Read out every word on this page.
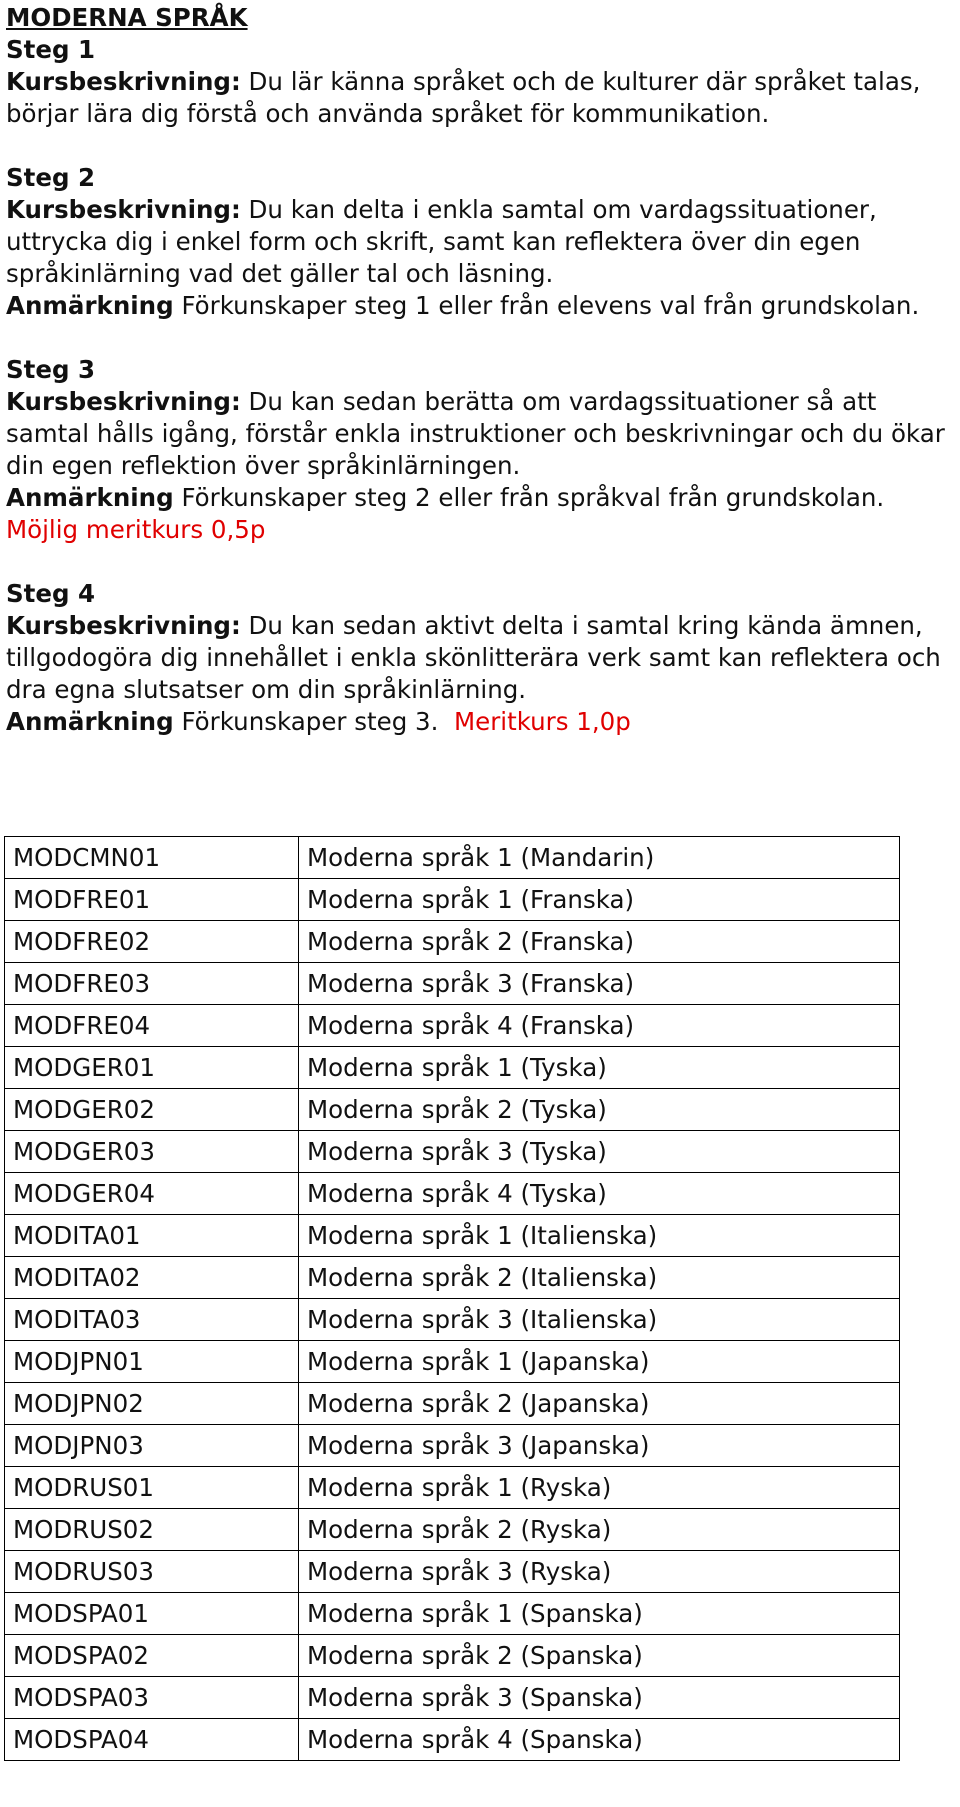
MODERNA SPRÅK

Steg 1

Kursbeskrivning: Du lär känna språket och de kulturer där språket talas, börjar lära dig förstå och använda språket för kommunikation.

Steg 2

Kursbeskrivning: Du kan delta i enkla samtal om vardagssituationer, uttrycka dig i enkel form och skrift, samt kan reflektera över din egen språkinlärning vad det gäller tal och läsning.

Anmärkning Förkunskaper steg 1 eller från elevens val från grundskolan.

Steg 3

Kursbeskrivning: Du kan sedan berätta om vardagssituationer så att samtal hålls igång, förstår enkla instruktioner och beskrivningar och du ökar din egen reflektion över språkinlärningen.

Anmärkning Förkunskaper steg 2 eller från språkval från grundskolan.

Möjlig meritkurs 0,5p

Steg 4

Kursbeskrivning: Du kan sedan aktivt delta i samtal kring kända ämnen, tillgodogöra dig innehållet i enkla skönlitterära verk samt kan reflektera och dra egna slutsatser om din språkinlärning.

Anmärkning Förkunskaper steg 3. Meritkurs 1,0p

MODCMN01	Moderna språk 1 (Mandarin)
MODFRE01	Moderna språk 1 (Franska)
MODFRE02	Moderna språk 2 (Franska)
MODFRE03	Moderna språk 3 (Franska)
MODFRE04	Moderna språk 4 (Franska)
MODGER01	Moderna språk 1 (Tyska)
MODGER02	Moderna språk 2 (Tyska)
MODGER03	Moderna språk 3 (Tyska)
MODGER04	Moderna språk 4 (Tyska)
MODITA01	Moderna språk 1 (Italienska)
MODITA02	Moderna språk 2 (Italienska)
MODITA03	Moderna språk 3 (Italienska)
MODJPN01	Moderna språk 1 (Japanska)
MODJPN02	Moderna språk 2 (Japanska)
MODJPN03	Moderna språk 3 (Japanska)
MODRUS01	Moderna språk 1 (Ryska)
MODRUS02	Moderna språk 2 (Ryska)
MODRUS03	Moderna språk 3 (Ryska)
MODSPA01	Moderna språk 1 (Spanska)
MODSPA02	Moderna språk 2 (Spanska)
MODSPA03	Moderna språk 3 (Spanska)
MODSPA04	Moderna språk 4 (Spanska)
